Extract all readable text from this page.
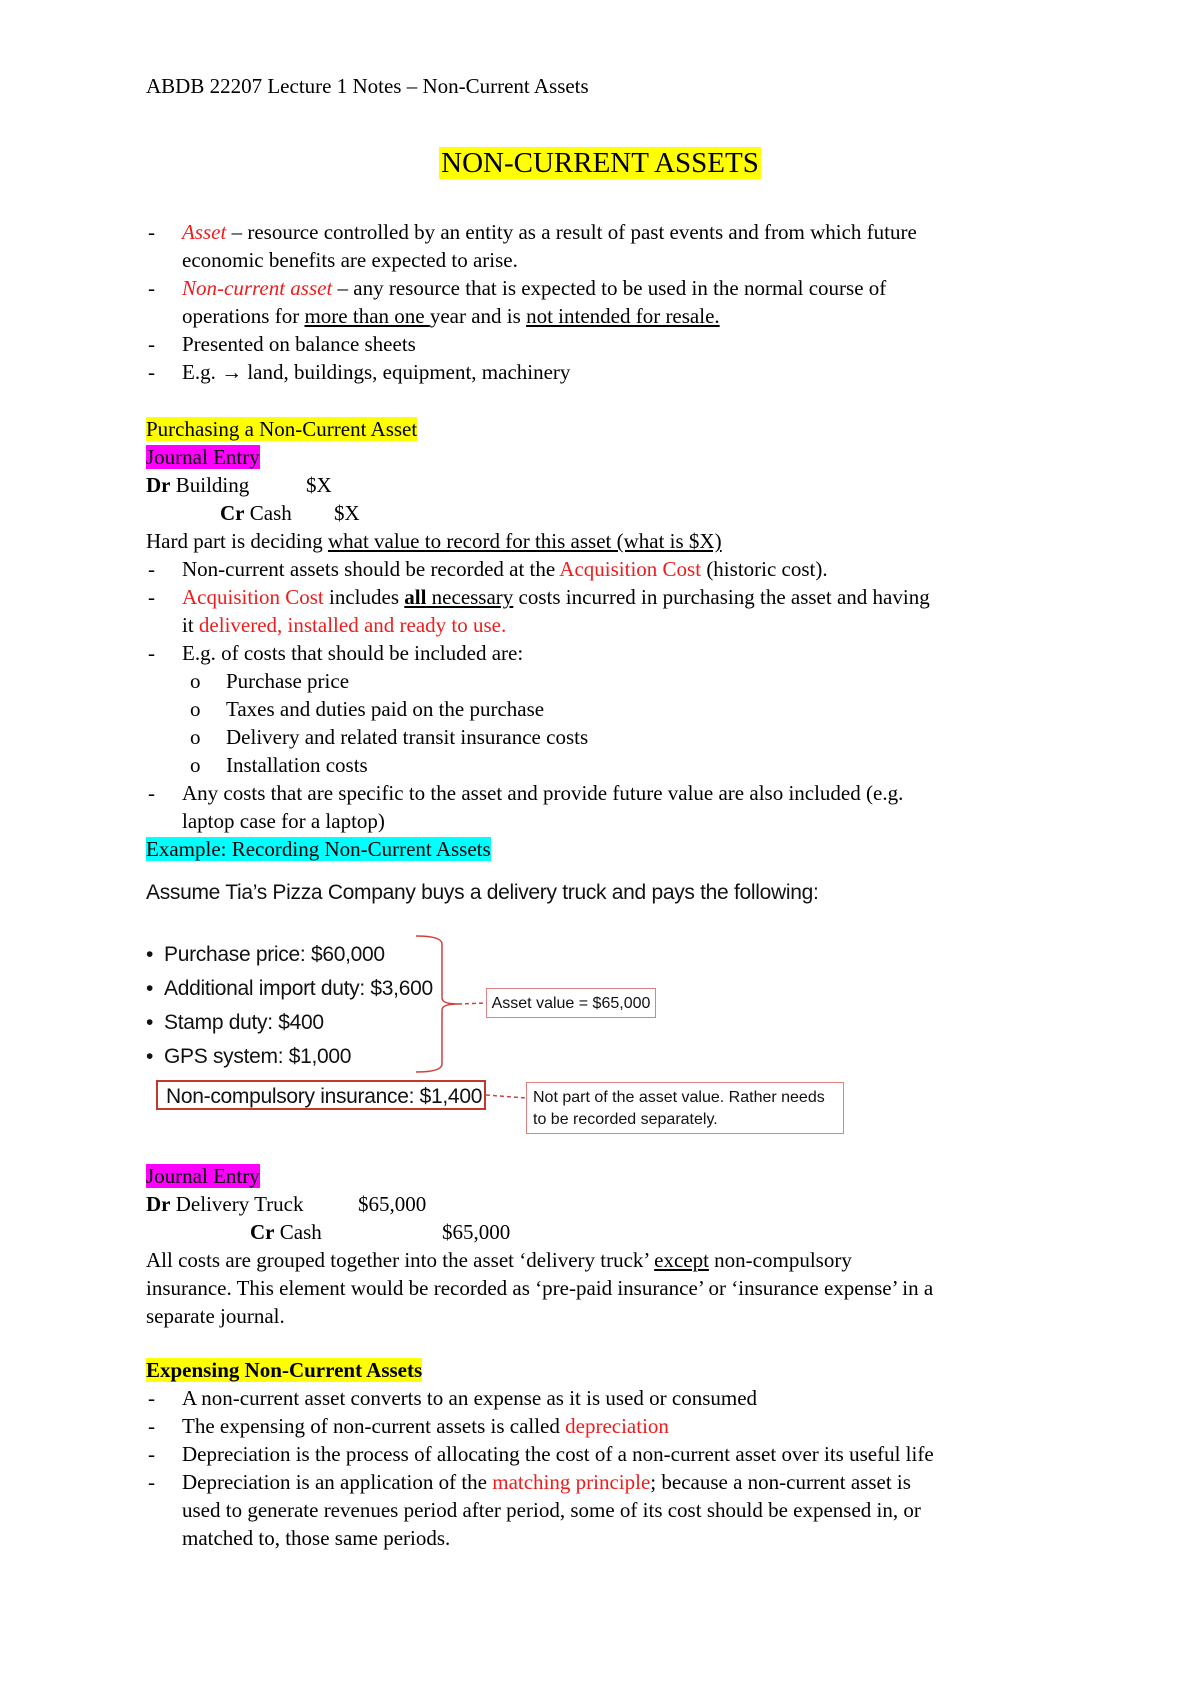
ABDB 22207 Lecture 1 Notes – Non-Current Assets
NON-CURRENT ASSETS
- Asset – resource controlled by an entity as a result of past events and from which future
economic benefits are expected to arise.
- Non-current asset – any resource that is expected to be used in the normal course of
operations for more than one year and is not intended for resale.
- Presented on balance sheets
- E.g. → land, buildings, equipment, machinery
Purchasing a Non-Current Asset
Journal Entry
Dr Building	$X
Cr Cash $X
Hard part is deciding what value to record for this asset (what is $X)
- Non-current assets should be recorded at the Acquisition Cost (historic cost).
- Acquisition Cost includes all necessary costs incurred in purchasing the asset and having
it delivered, installed and ready to use.
- E.g. of costs that should be included are:
o Purchase price
o Taxes and duties paid on the purchase
o Delivery and related transit insurance costs
o Installation costs
- Any costs that are specific to the asset and provide future value are also included (e.g.
laptop case for a laptop)
Example: Recording Non-Current Assets
Assume Tia’s Pizza Company buys a delivery truck and pays the following:
• Purchase price: $60,000
• Additional import duty: $3,600
• Stamp duty: $400
• GPS system: $1,000
Non-compulsory insurance: $1,400
Asset value = $65,000
Not part of the asset value. Rather needs to be recorded separately.
Journal Entry
Dr Delivery Truck	$65,000
Cr Cash	$65,000
All costs are grouped together into the asset ‘delivery truck’ except non-compulsory
insurance. This element would be recorded as ‘pre-paid insurance’ or ‘insurance expense’ in a
separate journal.
Expensing Non-Current Assets
- A non-current asset converts to an expense as it is used or consumed
- The expensing of non-current assets is called depreciation
- Depreciation is the process of allocating the cost of a non-current asset over its useful life
- Depreciation is an application of the matching principle; because a non-current asset is
used to generate revenues period after period, some of its cost should be expensed in, or
matched to, those same periods.
